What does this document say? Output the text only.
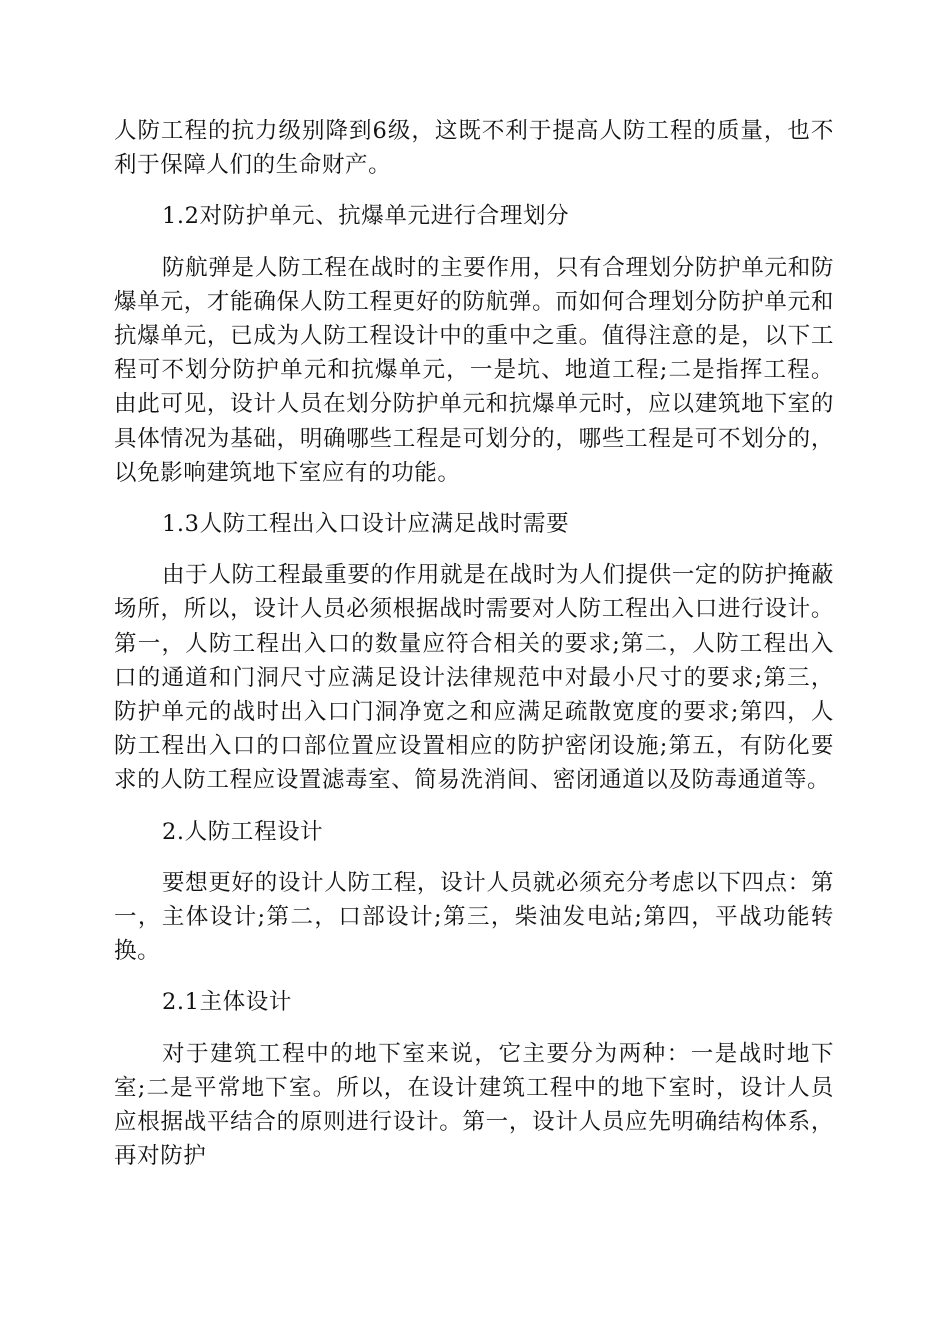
人防工程的抗力级别降到6级，这既不利于提高人防工程的质量，也不利于保障人们的生命财产。

1.2对防护单元、抗爆单元进行合理划分

防航弹是人防工程在战时的主要作用，只有合理划分防护单元和防爆单元，才能确保人防工程更好的防航弹。而如何合理划分防护单元和抗爆单元，已成为人防工程设计中的重中之重。值得注意的是，以下工程可不划分防护单元和抗爆单元，一是坑、地道工程;二是指挥工程。由此可见，设计人员在划分防护单元和抗爆单元时，应以建筑地下室的具体情况为基础，明确哪些工程是可划分的，哪些工程是可不划分的，以免影响建筑地下室应有的功能。

1.3人防工程出入口设计应满足战时需要

由于人防工程最重要的作用就是在战时为人们提供一定的防护掩蔽场所，所以，设计人员必须根据战时需要对人防工程出入口进行设计。第一，人防工程出入口的数量应符合相关的要求;第二，人防工程出入口的通道和门洞尺寸应满足设计法律规范中对最小尺寸的要求;第三，防护单元的战时出入口门洞净宽之和应满足疏散宽度的要求;第四，人防工程出入口的口部位置应设置相应的防护密闭设施;第五，有防化要求的人防工程应设置滤毒室、简易洗消间、密闭通道以及防毒通道等。

2.人防工程设计

要想更好的设计人防工程，设计人员就必须充分考虑以下四点：第一，主体设计;第二，口部设计;第三，柴油发电站;第四，平战功能转换。

2.1主体设计

对于建筑工程中的地下室来说，它主要分为两种：一是战时地下室;二是平常地下室。所以，在设计建筑工程中的地下室时，设计人员应根据战平结合的原则进行设计。第一，设计人员应先明确结构体系，再对防护
